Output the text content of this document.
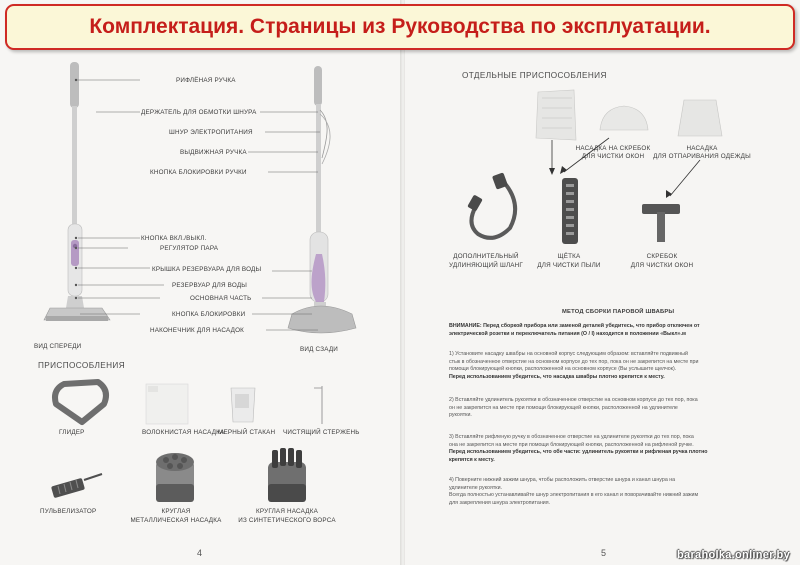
Комплектация. Страницы из Руководства по эксплуатации.
РИФЛЁНАЯ РУЧКА
ДЕРЖАТЕЛЬ ДЛЯ ОБМОТКИ ШНУРА
ШНУР ЭЛЕКТРОПИТАНИЯ
ВЫДВИЖНАЯ РУЧКА
КНОПКА БЛОКИРОВКИ РУЧКИ
КНОПКА ВКЛ./ВЫКЛ.
РЕГУЛЯТОР ПАРА
КРЫШКА РЕЗЕРВУАРА ДЛЯ ВОДЫ
РЕЗЕРВУАР ДЛЯ ВОДЫ
ОСНОВНАЯ ЧАСТЬ
КНОПКА БЛОКИРОВКИ
НАКОНЕЧНИК ДЛЯ НАСАДОК
ВИД СПЕРЕДИ	ВИД СЗАДИ
ПРИСПОСОБЛЕНИЯ
ГЛИДЕР	ВОЛОКНИСТАЯ НАСАДКА
МЕРНЫЙ СТАКАН ЧИСТЯЩИЙ СТЕРЖЕНЬ
ПУЛЬВЕЛИЗАТОР	КРУГЛАЯ
МЕТАЛЛИЧЕСКАЯ НАСАДКА
КРУГЛАЯ НАСАДКА
ИЗ СИНТЕТИЧЕСКОГО ВОРСА
4
ОТДЕЛЬНЫЕ ПРИСПОСОБЛЕНИЯ
НАСАДКА НА СКРЕБОК
ДЛЯ ЧИСТКИ ОКОН
НАСАДКА
ДЛЯ ОТПАРИВАНИЯ ОДЕЖДЫ
ДОПОЛНИТЕЛЬНЫЙ
УДЛИНЯЮЩИЙ ШЛАНГ
ЩЁТКА
ДЛЯ ЧИСТКИ ПЫЛИ
СКРЕБОК
ДЛЯ ЧИСТКИ ОКОН
МЕТОД СБОРКИ ПАРОВОЙ ШВАБРЫ
ВНИМАНИЕ: Перед сборкой прибора или заменой деталей убедитесь, что прибор отключен от
электрической розетки и переключатель питания (O / I) находится в положении «Выкл».м
1) Установите насадку швабры на основной корпус следующим образом: вставляйте подвижный
стык в обозначенное отверстие на основном корпусе до тех пор, пока он не закрепится на месте при
помощи блокирующей кнопки, расположенной на основном корпусе (Вы услышите щелчок).
Перед использованием убедитесь, что насадка швабры плотно крепится к месту.
2) Вставляйте удлинитель рукоятки в обозначенное отверстие на основном корпусе до тех пор, пока
он не закрепится на месте при помощи блокирующей кнопки, расположенной на удлинителе
рукоятки.
3) Вставляйте рифленую ручку в обозначенное отверстие на удлинителе рукоятки до тех пор, пока
она не закрепится на месте при помощи блокирующей кнопки, расположенной на рифленой ручке.
Перед использованием убедитесь, что обе части: удлинитель рукоятки и рифленая ручка плотно
крепятся к месту.
4) Поверните нижний зажим шнура, чтобы расположить отверстие шнура и канал шнура на
удлинителе рукоятки.
Всегда полностью устанавливайте шнур электропитания в его канал и поворачивайте нижний зажим
для закрепления шнура электропитания.
5	baraholka.onliner.by
